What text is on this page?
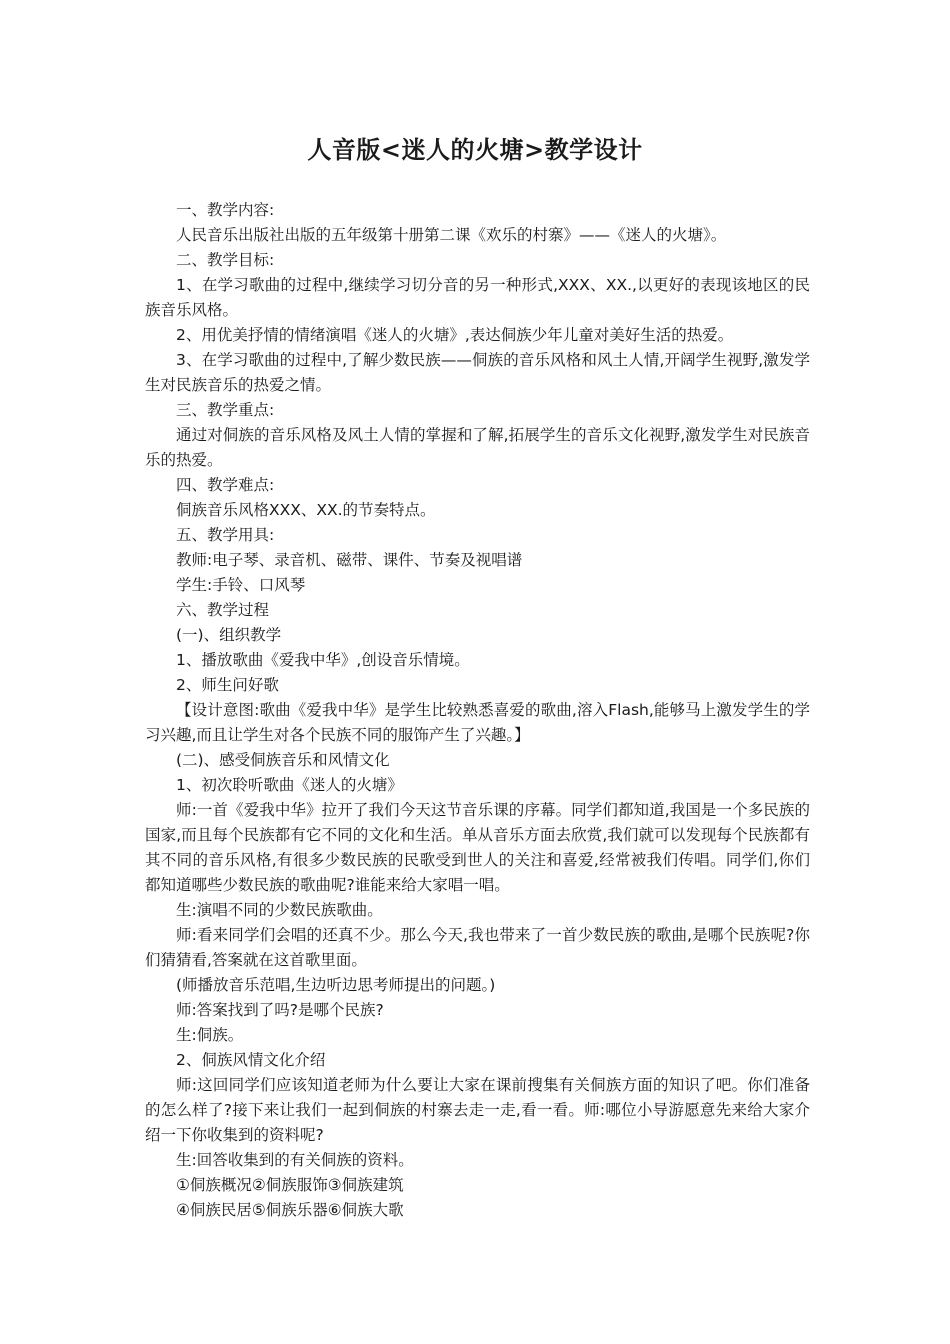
人音版<迷人的火塘>教学设计

一、教学内容:

人民音乐出版社出版的五年级第十册第二课《欢乐的村寨》——《迷人的火塘》。

二、教学目标:

1、在学习歌曲的过程中,继续学习切分音的另一种形式,XXX、XX.,以更好的表现该地区的民族音乐风格。

2、用优美抒情的情绪演唱《迷人的火塘》,表达侗族少年儿童对美好生活的热爱。

3、在学习歌曲的过程中,了解少数民族——侗族的音乐风格和风土人情,开阔学生视野,激发学生对民族音乐的热爱之情。

三、教学重点:

通过对侗族的音乐风格及风土人情的掌握和了解,拓展学生的音乐文化视野,激发学生对民族音乐的热爱。

四、教学难点:

侗族音乐风格XXX、XX.的节奏特点。

五、教学用具:

教师:电子琴、录音机、磁带、课件、节奏及视唱谱

学生:手铃、口风琴

六、教学过程

(一)、组织教学

1、播放歌曲《爱我中华》,创设音乐情境。

2、师生问好歌

【设计意图:歌曲《爱我中华》是学生比较熟悉喜爱的歌曲,溶入Flash,能够马上激发学生的学习兴趣,而且让学生对各个民族不同的服饰产生了兴趣。】

(二)、感受侗族音乐和风情文化

1、初次聆听歌曲《迷人的火塘》

师:一首《爱我中华》拉开了我们今天这节音乐课的序幕。同学们都知道,我国是一个多民族的国家,而且每个民族都有它不同的文化和生活。单从音乐方面去欣赏,我们就可以发现每个民族都有其不同的音乐风格,有很多少数民族的民歌受到世人的关注和喜爱,经常被我们传唱。同学们,你们都知道哪些少数民族的歌曲呢?谁能来给大家唱一唱。

生:演唱不同的少数民族歌曲。

师:看来同学们会唱的还真不少。那么今天,我也带来了一首少数民族的歌曲,是哪个民族呢?你们猜猜看,答案就在这首歌里面。

(师播放音乐范唱,生边听边思考师提出的问题。)

师:答案找到了吗?是哪个民族?

生:侗族。

2、侗族风情文化介绍

师:这回同学们应该知道老师为什么要让大家在课前搜集有关侗族方面的知识了吧。你们准备的怎么样了?接下来让我们一起到侗族的村寨去走一走,看一看。师:哪位小导游愿意先来给大家介绍一下你收集到的资料呢?

生:回答收集到的有关侗族的资料。

①侗族概况②侗族服饰③侗族建筑

④侗族民居⑤侗族乐器⑥侗族大歌
